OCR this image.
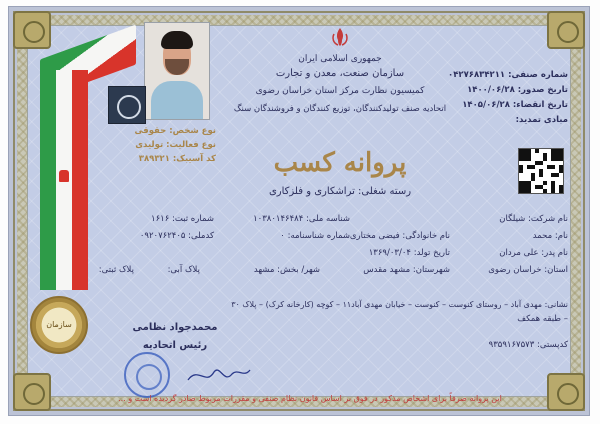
سازمان
جمهوری اسلامی ایران
سازمان صنعت، معدن و تجارت
کمیسیون نظارت مرکز استان خراسان رضوی
اتحادیه صنف تولیدکنندگان، توزیع کنندگان و فروشندگان سنگ
پروانه کسب
رسته شغلی: تراشکاری و فلزکاری
شماره صنفی: ۰۴۲۷۶۸۳۴۲۱۱
تاریخ صدور: ۱۴۰۰/۰۶/۲۸
تاریخ انقضاء: ۱۴۰۵/۰۶/۲۸
مبادی تمدید:
نوع شخص: حقوقی
نوع فعالیت: تولیدی
کد آسیبک: ۳۸۹۳۲۱
نام شرکت: شیلگان
نام: محمد
نام پدر: علی مردان
استان: خراسان رضوی
نام خانوادگی: فیضی مختاری
تاریخ تولد: ۱۳۶۹/۰۳/۰۴
شهرستان: مشهد مقدس
شناسه ملی: ۱۰۳۸۰۱۴۶۴۸۴
شماره شناسنامه: ۰
شهر/ بخش: مشهد
شماره ثبت: ۱۶۱۶
کدملی: ۰۹۲۰۷۶۲۴۰۵
پلاک آبی:
پلاک ثبتی:
نشانی: مهدی آباد – روستای کنوست – کنوست – خیابان مهدی آباد۱۱ – کوچه (کارخانه کرک) – پلاک ۳۰
– طبقه همکف
کدپستی: ۹۳۵۹۱۶۷۵۷۳
محمدجواد نظامی
رئیس اتحادیه
این پروانه صرفاً برای اشخاص مذکور در فوق بر اساس قانون نظام صنفی و مقررات مربوط صادر گردیده است و ...
